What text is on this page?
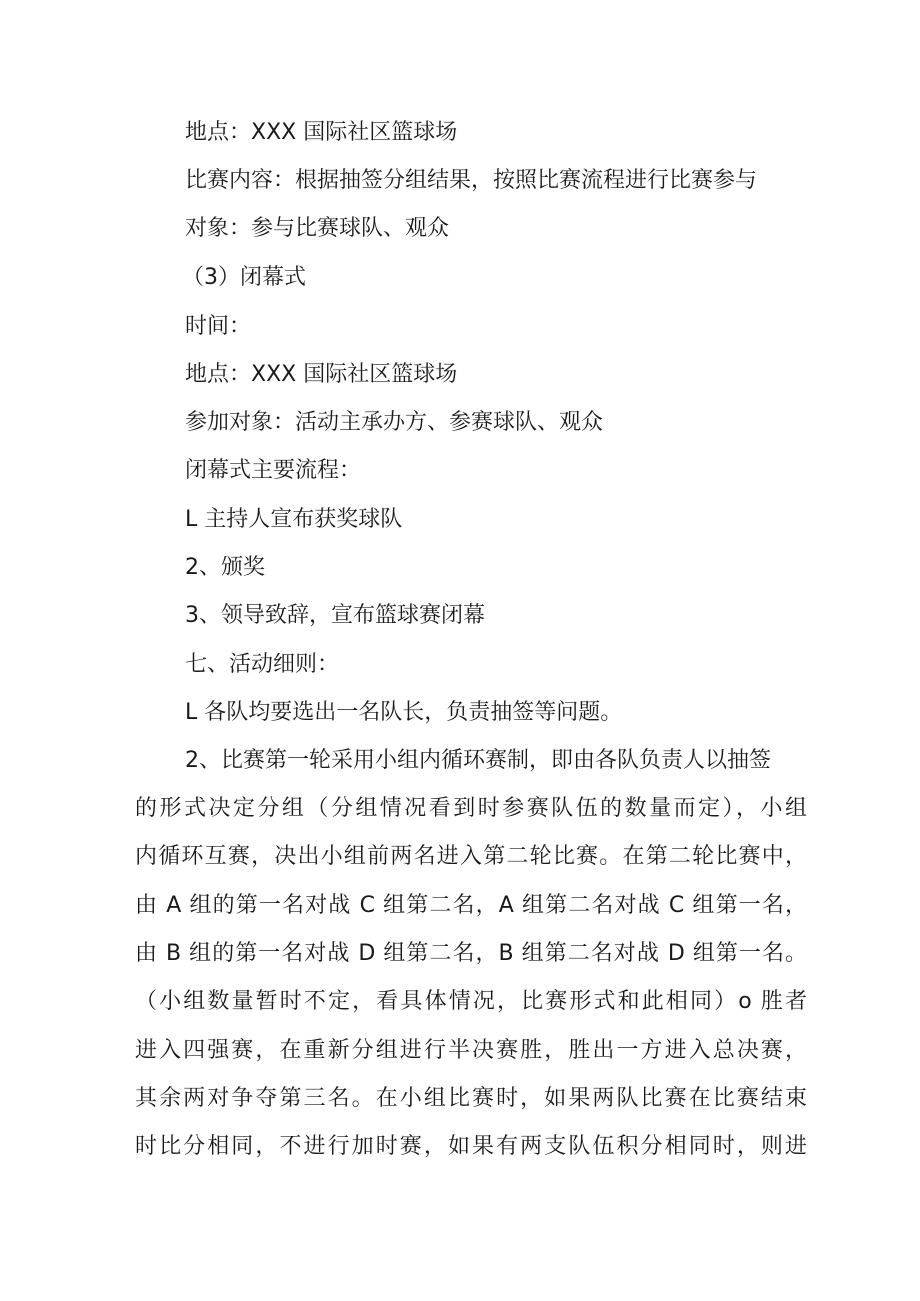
地点：XXX 国际社区篮球场
比赛内容：根据抽签分组结果，按照比赛流程进行比赛参与
对象：参与比赛球队、观众
（3）闭幕式
时间：
地点：XXX 国际社区篮球场
参加对象：活动主承办方、参赛球队、观众
闭幕式主要流程：
L 主持人宣布获奖球队
2、颁奖
3、领导致辞，宣布篮球赛闭幕
七、活动细则：
L 各队均要选出一名队长，负责抽签等问题。
2、比赛第一轮采用小组内循环赛制，即由各队负责人以抽签
的形式决定分组（分组情况看到时参赛队伍的数量而定），小组
内循环互赛，决出小组前两名进入第二轮比赛。在第二轮比赛中，
由 A 组的第一名对战 C 组第二名，A 组第二名对战 C 组第一名，
由 B 组的第一名对战 D 组第二名，B 组第二名对战 D 组第一名。
（小组数量暂时不定，看具体情况，比赛形式和此相同）o 胜者
进入四强赛，在重新分组进行半决赛胜，胜出一方进入总决赛，
其余两对争夺第三名。在小组比赛时，如果两队比赛在比赛结束
时比分相同，不进行加时赛，如果有两支队伍积分相同时，则进
